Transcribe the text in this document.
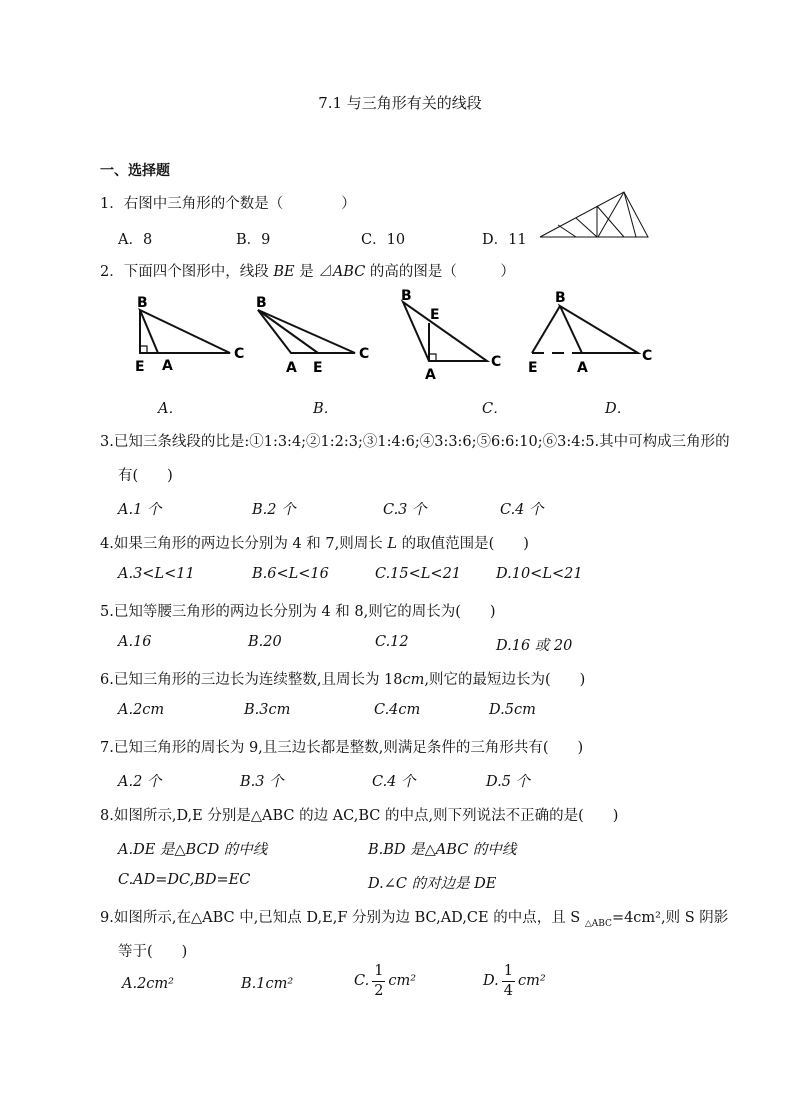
7.1 与三角形有关的线段
一、选择题
1．右图中三角形的个数是（　　　　）
A．8	B．9	C．10	D．11
2．下面四个图形中，线段 BE 是 ⊿ABC 的高的图是（　　　）
B
E A
C
B
A E
C
B
E
A
C
B
E	A
C
A．	B．	C．	D．
3.已知三条线段的比是:①1:3:4;②1:2:3;③1:4:6;④3:3:6;⑤6:6:10;⑥3:4:5.其中可构成三角形的
有(　　)
A.1 个	B.2 个	C.3 个	C.4 个
4.如果三角形的两边长分别为 4 和 7,则周长 L 的取值范围是(　　)
A.3<L<11	B.6<L<16	C.15<L<21 D.10<L<21
5.已知等腰三角形的两边长分别为 4 和 8,则它的周长为(　　)
A.16	B.20	C.12	D.16 或 20
6.已知三角形的三边长为连续整数,且周长为 18cm,则它的最短边长为(　　)
A.2cm	B.3cm	C.4cm	D.5cm
7.已知三角形的周长为 9,且三边长都是整数,则满足条件的三角形共有(　　)
A.2 个	B.3 个	C.4 个	D.5 个
8.如图所示,D,E 分别是△ABC 的边 AC,BC 的中点,则下列说法不正确的是(　　)
A.DE 是△BCD 的中线	B.BD 是△ABC 的中线
C.AD=DC,BD=EC	D.∠C 的对边是 DE
9.如图所示,在△ABC 中,已知点 D,E,F 分别为边 BC,AD,CE 的中点，且 S $_{\triangle ABC}$=4cm²,则 S 阴影
等于(　　)
A.2cm²	B.1cm²	C. $\frac{1}{2} cm^2$	D. $\frac{1}{4} cm^2$
